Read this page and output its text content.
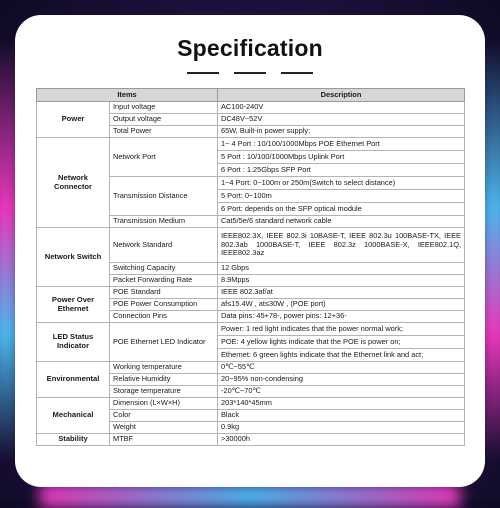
Specification
Items		Description
Power	Input voltage	AC100-240V
	Output voltage	DC48V~52V
	Total Power	65W, Built-in power supply;
Network
Connector	Network Port	1~ 4 Port : 10/100/1000Mbps POE Ethernet Port
		5 Port : 10/100/1000Mbps Uplink Port
		6 Port : 1.25Gbps SFP Port
	Transmission Distance	1~4 Port: 0~100m or 250m(Switch to select distance)
		5 Port: 0~100m
		6 Port: depends on the SFP optical module
	Transmission Medium	Cat5/5e/6 standard network cable
Network Switch	Network Standard	IEEE802.3X, IEEE 802.3i 10BASE-T, IEEE 802.3u 100BASE-TX, IEEE 802.3ab 1000BASE-T, IEEE 802.3z 1000BASE-X, IEEE802.1Q, IEEE802.3az
	Switching Capacity	12 Gbps
	Packet Forwarding Rate	8.9Mpps
Power Over
Ethernet	POE Standard	IEEE 802.3af/at
	POE Power Consumption	af≤15.4W , at≤30W , (POE port)
	Connection Pins	Data pins: 45+78-, power pins: 12+36-
LED Status
Indicator	POE Ethernet LED Indicator	Power: 1 red light indicates that the power normal work;
		POE: 4 yellow lights indicate that the POE is power on;
		Ethernet: 6 green lights indicate that the Ethernet link and act;
Environmental	Working temperature	0℃~55℃
	Relative Humidity	20~95% non-condensing
	Storage temperature	-20℃~70℃
Mechanical	Dimension (L×W×H)	203*140*45mm
	Color	Black
	Weight	0.9kg
Stability	MTBF	>30000h
